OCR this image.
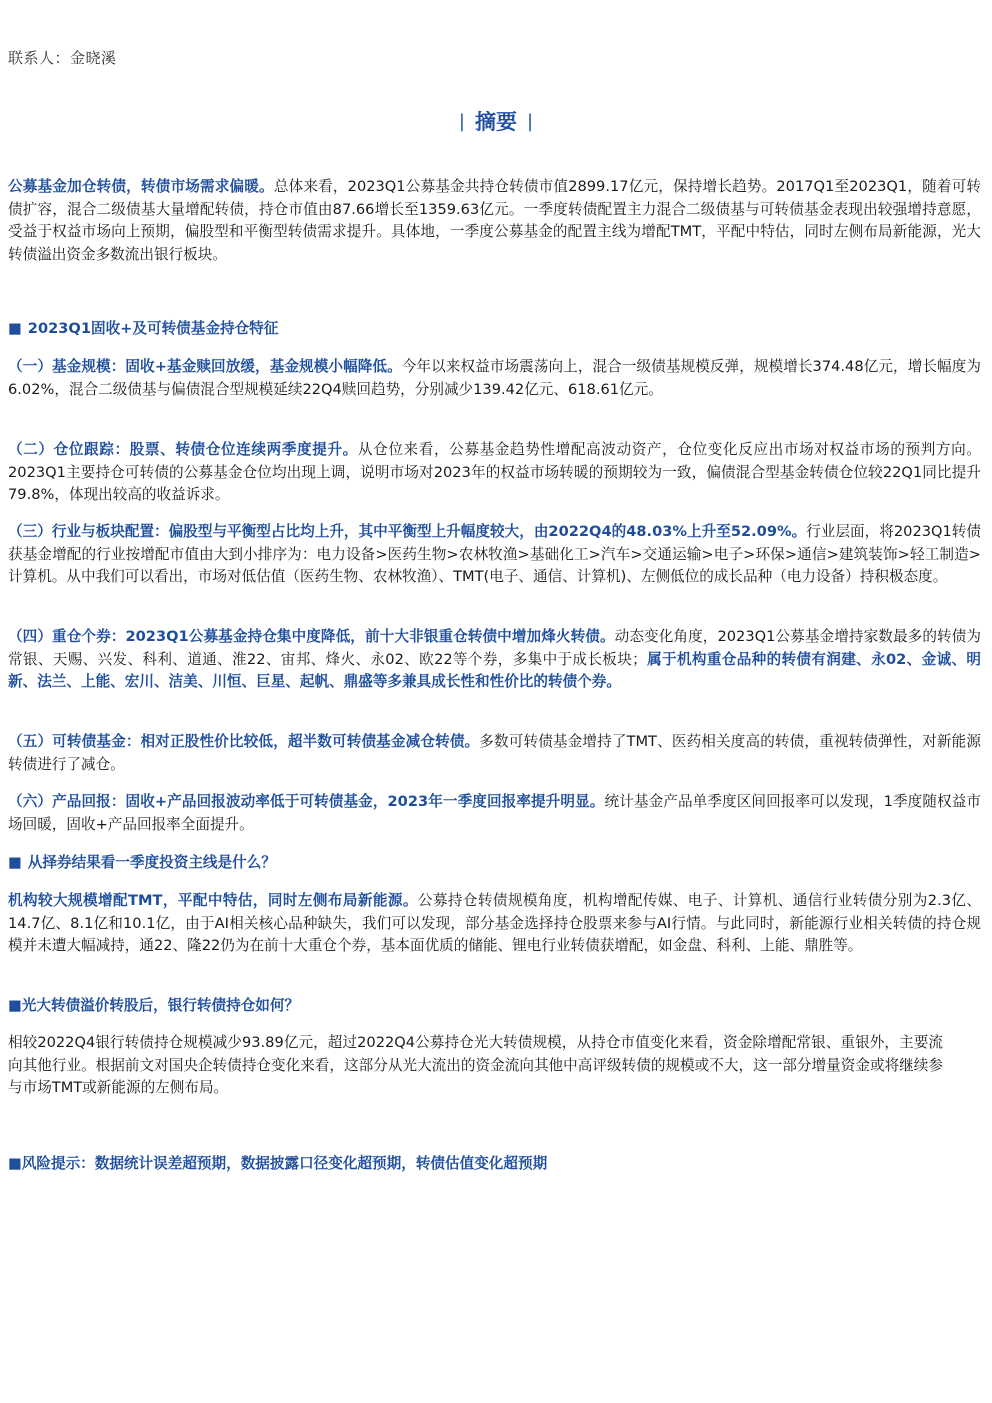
联系人：金晓溪
| 摘要 |
公募基金加仓转债，转债市场需求偏暖。总体来看，2023Q1公募基金共持仓转债市值2899.17亿元，保持增长趋势。2017Q1至2023Q1，随着可转债扩容，混合二级债基大量增配转债，持仓市值由87.66增长至1359.63亿元。一季度转债配置主力混合二级债基与可转债基金表现出较强增持意愿，受益于权益市场向上预期，偏股型和平衡型转债需求提升。具体地，一季度公募基金的配置主线为增配TMT，平配中特估，同时左侧布局新能源，光大转债溢出资金多数流出银行板块。
■ 2023Q1固收+及可转债基金持仓特征
（一）基金规模：固收+基金赎回放缓，基金规模小幅降低。今年以来权益市场震荡向上，混合一级债基规模反弹，规模增长374.48亿元，增长幅度为6.02%，混合二级债基与偏债混合型规模延续22Q4赎回趋势，分别减少139.42亿元、618.61亿元。
（二）仓位跟踪：股票、转债仓位连续两季度提升。从仓位来看，公募基金趋势性增配高波动资产，仓位变化反应出市场对权益市场的预判方向。2023Q1主要持仓可转债的公募基金仓位均出现上调，说明市场对2023年的权益市场转暖的预期较为一致，偏债混合型基金转债仓位较22Q1同比提升79.8%，体现出较高的收益诉求。
（三）行业与板块配置：偏股型与平衡型占比均上升，其中平衡型上升幅度较大，由2022Q4的48.03%上升至52.09%。行业层面，将2023Q1转债获基金增配的行业按增配市值由大到小排序为：电力设备>医药生物>农林牧渔>基础化工>汽车>交通运输>电子>环保>通信>建筑装饰>轻工制造>计算机。从中我们可以看出，市场对低估值（医药生物、农林牧渔）、TMT(电子、通信、计算机)、左侧低位的成长品种（电力设备）持积极态度。
（四）重仓个券：2023Q1公募基金持仓集中度降低，前十大非银重仓转债中增加烽火转债。动态变化角度，2023Q1公募基金增持家数最多的转债为常银、天赐、兴发、科利、道通、淮22、宙邦、烽火、永02、欧22等个券，多集中于成长板块；属于机构重仓品种的转债有润建、永02、金诚、明新、法兰、上能、宏川、洁美、川恒、巨星、起帆、鼎盛等多兼具成长性和性价比的转债个券。
（五）可转债基金：相对正股性价比较低，超半数可转债基金减仓转债。多数可转债基金增持了TMT、医药相关度高的转债，重视转债弹性，对新能源转债进行了减仓。
（六）产品回报：固收+产品回报波动率低于可转债基金，2023年一季度回报率提升明显。统计基金产品单季度区间回报率可以发现，1季度随权益市场回暖，固收+产品回报率全面提升。
■ 从择券结果看一季度投资主线是什么？
机构较大规模增配TMT，平配中特估，同时左侧布局新能源。公募持仓转债规模角度，机构增配传媒、电子、计算机、通信行业转债分别为2.3亿、14.7亿、8.1亿和10.1亿，由于AI相关核心品种缺失，我们可以发现，部分基金选择持仓股票来参与AI行情。与此同时，新能源行业相关转债的持仓规模并未遭大幅减持，通22、隆22仍为在前十大重仓个券，基本面优质的储能、锂电行业转债获增配，如金盘、科利、上能、鼎胜等。
■光大转债溢价转股后，银行转债持仓如何？
相较2022Q4银行转债持仓规模减少93.89亿元，超过2022Q4公募持仓光大转债规模，从持仓市值变化来看，资金除增配常银、重银外，主要流向其他行业。根据前文对国央企转债持仓变化来看，这部分从光大流出的资金流向其他中高评级转债的规模或不大，这一部分增量资金或将继续参与市场TMT或新能源的左侧布局。
■风险提示：数据统计误差超预期，数据披露口径变化超预期，转债估值变化超预期
